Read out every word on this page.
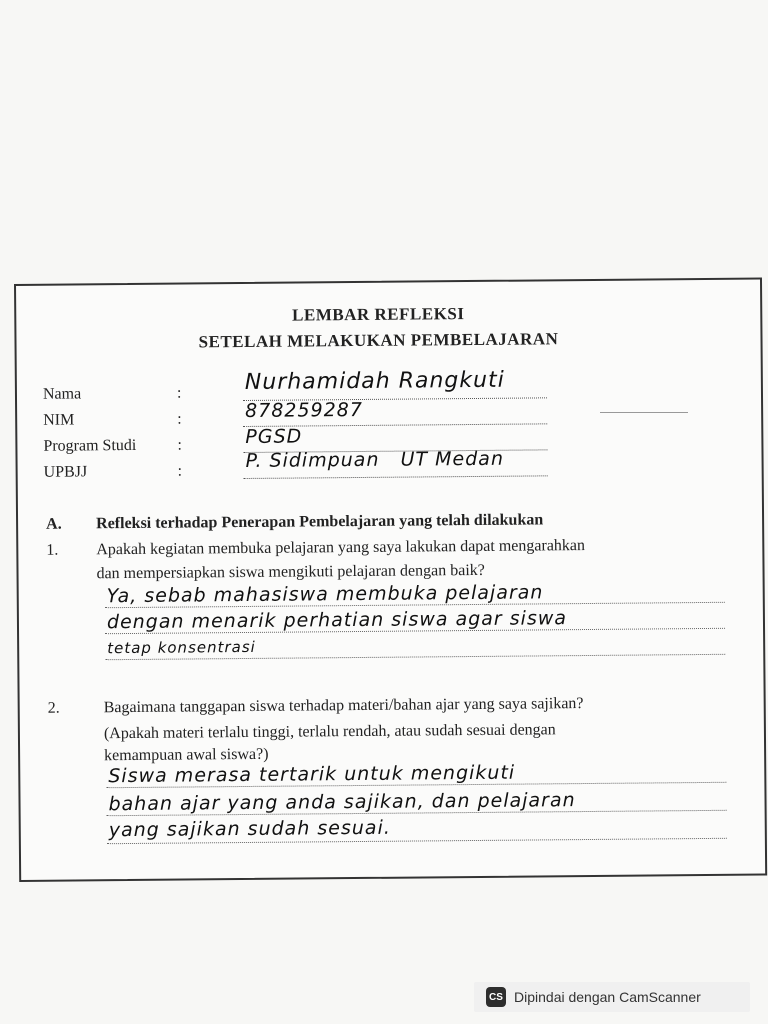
LEMBAR REFLEKSI
SETELAH MELAKUKAN PEMBELAJARAN
Nama	:	Nurhamidah Rangkuti
NIM	:	878259287
Program Studi	:	PGSD
UPBJJ	:	P. Sidimpuan   UT Medan
A. Refleksi terhadap Penerapan Pembelajaran yang telah dilakukan
1. Apakah kegiatan membuka pelajaran yang saya lakukan dapat mengarahkan
dan mempersiapkan siswa mengikuti pelajaran dengan baik?
Ya, sebab mahasiswa membuka pelajaran
dengan menarik perhatian siswa agar siswa
tetap konsentrasi
2.	Bagaimana tanggapan siswa terhadap materi/bahan ajar yang saya sajikan?
(Apakah materi terlalu tinggi, terlalu rendah, atau sudah sesuai dengan
kemampuan awal siswa?)
Siswa merasa tertarik untuk mengikuti
bahan ajar yang anda sajikan, dan pelajaran
yang sajikan sudah sesuai.
CS Dipindai dengan CamScanner
